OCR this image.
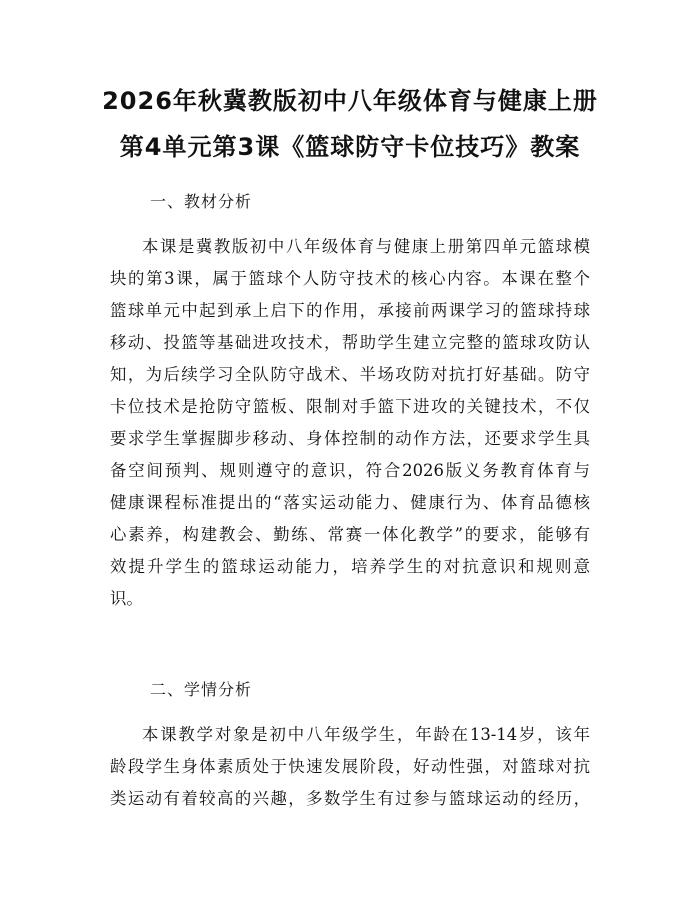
2026年秋冀教版初中八年级体育与健康上册
第4单元第3课《篮球防守卡位技巧》教案
一、教材分析
本课是冀教版初中八年级体育与健康上册第四单元篮球模
块的第3课，属于篮球个人防守技术的核心内容。本课在整个
篮球单元中起到承上启下的作用，承接前两课学习的篮球持球
移动、投篮等基础进攻技术，帮助学生建立完整的篮球攻防认
知，为后续学习全队防守战术、半场攻防对抗打好基础。防守
卡位技术是抢防守篮板、限制对手篮下进攻的关键技术，不仅
要求学生掌握脚步移动、身体控制的动作方法，还要求学生具
备空间预判、规则遵守的意识，符合2026版义务教育体育与
健康课程标准提出的“落实运动能力、健康行为、体育品德核
心素养，构建教会、勤练、常赛一体化教学”的要求，能够有
效提升学生的篮球运动能力，培养学生的对抗意识和规则意
识。
二、学情分析
本课教学对象是初中八年级学生，年龄在13-14岁，该年
龄段学生身体素质处于快速发展阶段，好动性强，对篮球对抗
类运动有着较高的兴趣，多数学生有过参与篮球运动的经历，
